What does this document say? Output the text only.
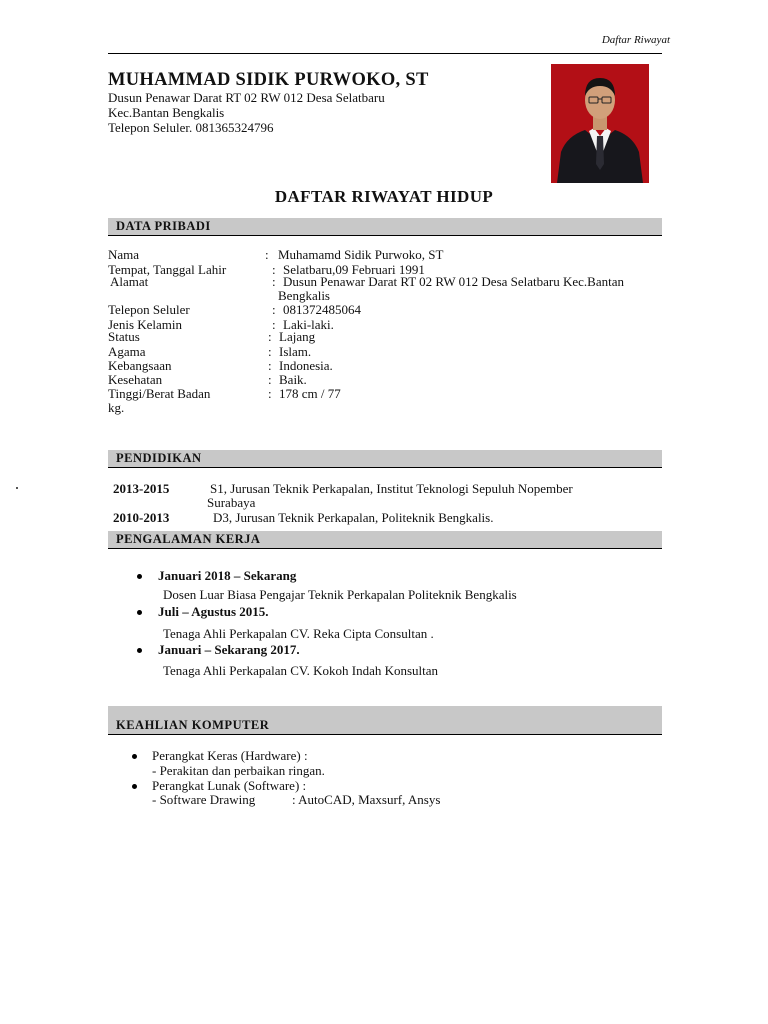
Daftar Riwayat
MUHAMMAD SIDIK PURWOKO, ST
Dusun Penawar Darat RT 02 RW 012 Desa Selatbaru
Kec.Bantan Bengkalis
Telepon Seluler. 081365324796
DAFTAR RIWAYAT HIDUP
DATA PRIBADI
Nama	: Muhamamd Sidik Purwoko, ST
Tempat, Tanggal Lahir	: Selatbaru,09 Februari 1991
Alamat	: Dusun Penawar Darat RT 02 RW 012 Desa Selatbaru Kec.Bantan
Bengkalis
Telepon Seluler	: 081372485064
Jenis Kelamin	: Laki-laki.
Status	: Lajang
Agama	: Islam.
Kebangsaan	: Indonesia.
Kesehatan	: Baik.
Tinggi/Berat Badan	: 178 cm / 77
kg.
PENDIDIKAN
2013-2015	S1, Jurusan Teknik Perkapalan, Institut Teknologi Sepuluh Nopember
Surabaya
2010-2013	D3, Jurusan Teknik Perkapalan, Politeknik Bengkalis.
PENGALAMAN KERJA
Januari 2018 – Sekarang
Dosen Luar Biasa Pengajar Teknik Perkapalan Politeknik Bengkalis
Juli – Agustus 2015.
Tenaga Ahli Perkapalan CV. Reka Cipta Consultan .
Januari – Sekarang 2017.
Tenaga Ahli Perkapalan CV. Kokoh Indah Konsultan
KEAHLIAN KOMPUTER
Perangkat Keras (Hardware) :
- Perakitan dan perbaikan ringan.
Perangkat Lunak (Software) :
- Software Drawing	: AutoCAD, Maxsurf, Ansys
